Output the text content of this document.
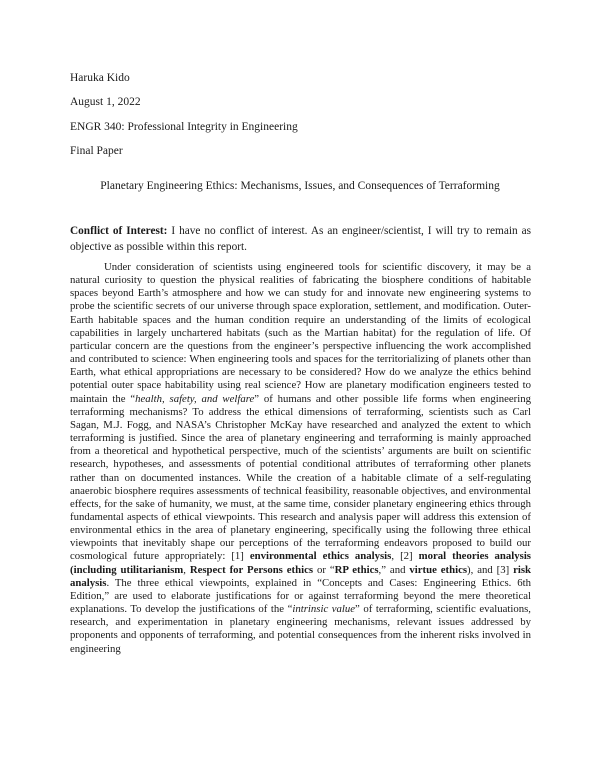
Haruka Kido
August 1, 2022
ENGR 340: Professional Integrity in Engineering
Final Paper
Planetary Engineering Ethics: Mechanisms, Issues, and Consequences of Terraforming

Conflict of Interest: I have no conflict of interest. As an engineer/scientist, I will try to remain as objective as possible within this report.

Under consideration of scientists using engineered tools for scientific discovery, it may be a natural curiosity to question the physical realities of fabricating the biosphere conditions of habitable spaces beyond Earth’s atmosphere and how we can study for and innovate new engineering systems to probe the scientific secrets of our universe through space exploration, settlement, and modification. Outer-Earth habitable spaces and the human condition require an understanding of the limits of ecological capabilities in largely unchartered habitats (such as the Martian habitat) for the regulation of life. Of particular concern are the questions from the engineer’s perspective influencing the work accomplished and contributed to science: When engineering tools and spaces for the territorializing of planets other than Earth, what ethical appropriations are necessary to be considered? How do we analyze the ethics behind potential outer space habitability using real science? How are planetary modification engineers tested to maintain the “health, safety, and welfare” of humans and other possible life forms when engineering terraforming mechanisms? To address the ethical dimensions of terraforming, scientists such as Carl Sagan, M.J. Fogg, and NASA’s Christopher McKay have researched and analyzed the extent to which terraforming is justified. Since the area of planetary engineering and terraforming is mainly approached from a theoretical and hypothetical perspective, much of the scientists’ arguments are built on scientific research, hypotheses, and assessments of potential conditional attributes of terraforming other planets rather than on documented instances. While the creation of a habitable climate of a self-regulating anaerobic biosphere requires assessments of technical feasibility, reasonable objectives, and environmental effects, for the sake of humanity, we must, at the same time, consider planetary engineering ethics through fundamental aspects of ethical viewpoints. This research and analysis paper will address this extension of environmental ethics in the area of planetary engineering, specifically using the following three ethical viewpoints that inevitably shape our perceptions of the terraforming endeavors proposed to build our cosmological future appropriately: [1] environmental ethics analysis, [2] moral theories analysis (including utilitarianism, Respect for Persons ethics or “RP ethics,” and virtue ethics), and [3] risk analysis. The three ethical viewpoints, explained in “Concepts and Cases: Engineering Ethics. 6th Edition,” are used to elaborate justifications for or against terraforming beyond the mere theoretical explanations. To develop the justifications of the “intrinsic value” of terraforming, scientific evaluations, research, and experimentation in planetary engineering mechanisms, relevant issues addressed by proponents and opponents of terraforming, and potential consequences from the inherent risks involved in engineering
